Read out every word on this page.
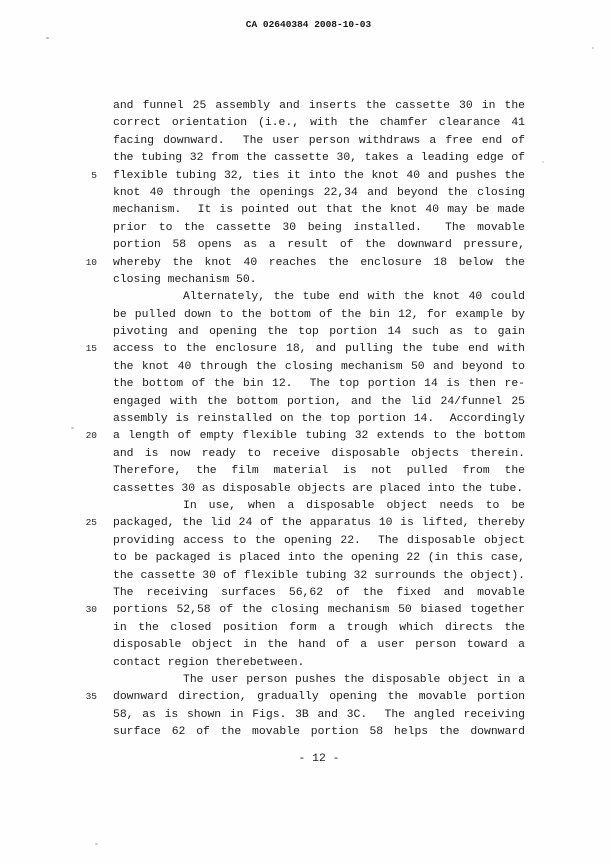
CA 02640384 2008-10-03
and funnel 25 assembly and inserts the cassette 30 in the
correct orientation (i.e., with the chamfer clearance 41
facing downward.  The user person withdraws a free end of
the tubing 32 from the cassette 30, takes a leading edge of
5	flexible tubing 32, ties it into the knot 40 and pushes the
knot 40 through the openings 22,34 and beyond the closing
mechanism.  It is pointed out that the knot 40 may be made
prior to the cassette 30 being installed.  The movable
portion 58 opens as a result of the downward pressure,
10	whereby the knot 40 reaches the enclosure 18 below the
closing mechanism 50.
Alternately, the tube end with the knot 40 could
be pulled down to the bottom of the bin 12, for example by
pivoting and opening the top portion 14 such as to gain
15	access to the enclosure 18, and pulling the tube end with
the knot 40 through the closing mechanism 50 and beyond to
the bottom of the bin 12.  The top portion 14 is then re-
engaged with the bottom portion, and the lid 24/funnel 25
assembly is reinstalled on the top portion 14.  Accordingly
20	a length of empty flexible tubing 32 extends to the bottom
and is now ready to receive disposable objects therein.
Therefore, the film material is not pulled from the
cassettes 30 as disposable objects are placed into the tube.
In use, when a disposable object needs to be
25	packaged, the lid 24 of the apparatus 10 is lifted, thereby
providing access to the opening 22.  The disposable object
to be packaged is placed into the opening 22 (in this case,
the cassette 30 of flexible tubing 32 surrounds the object).
The receiving surfaces 56,62 of the fixed and movable
30	portions 52,58 of the closing mechanism 50 biased together
in the closed position form a trough which directs the
disposable object in the hand of a user person toward a
contact region therebetween.
The user person pushes the disposable object in a
35	downward direction, gradually opening the movable portion
58, as is shown in Figs. 3B and 3C.  The angled receiving
surface 62 of the movable portion 58 helps the downward
- 12 -
